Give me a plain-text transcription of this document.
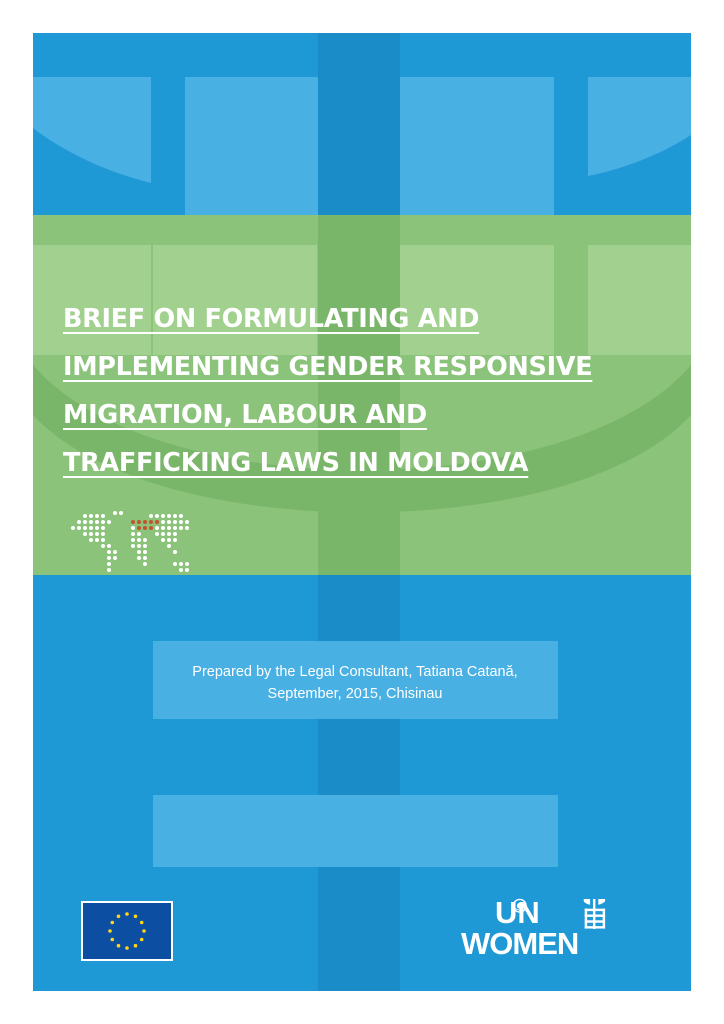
BRIEF ON FORMULATING AND
IMPLEMENTING GENDER RESPONSIVE
MIGRATION, LABOUR AND
TRAFFICKING LAWS IN MOLDOVA
Prepared by the Legal Consultant, Tatiana Catană,
September, 2015, Chisinau
UN
WOMEN
